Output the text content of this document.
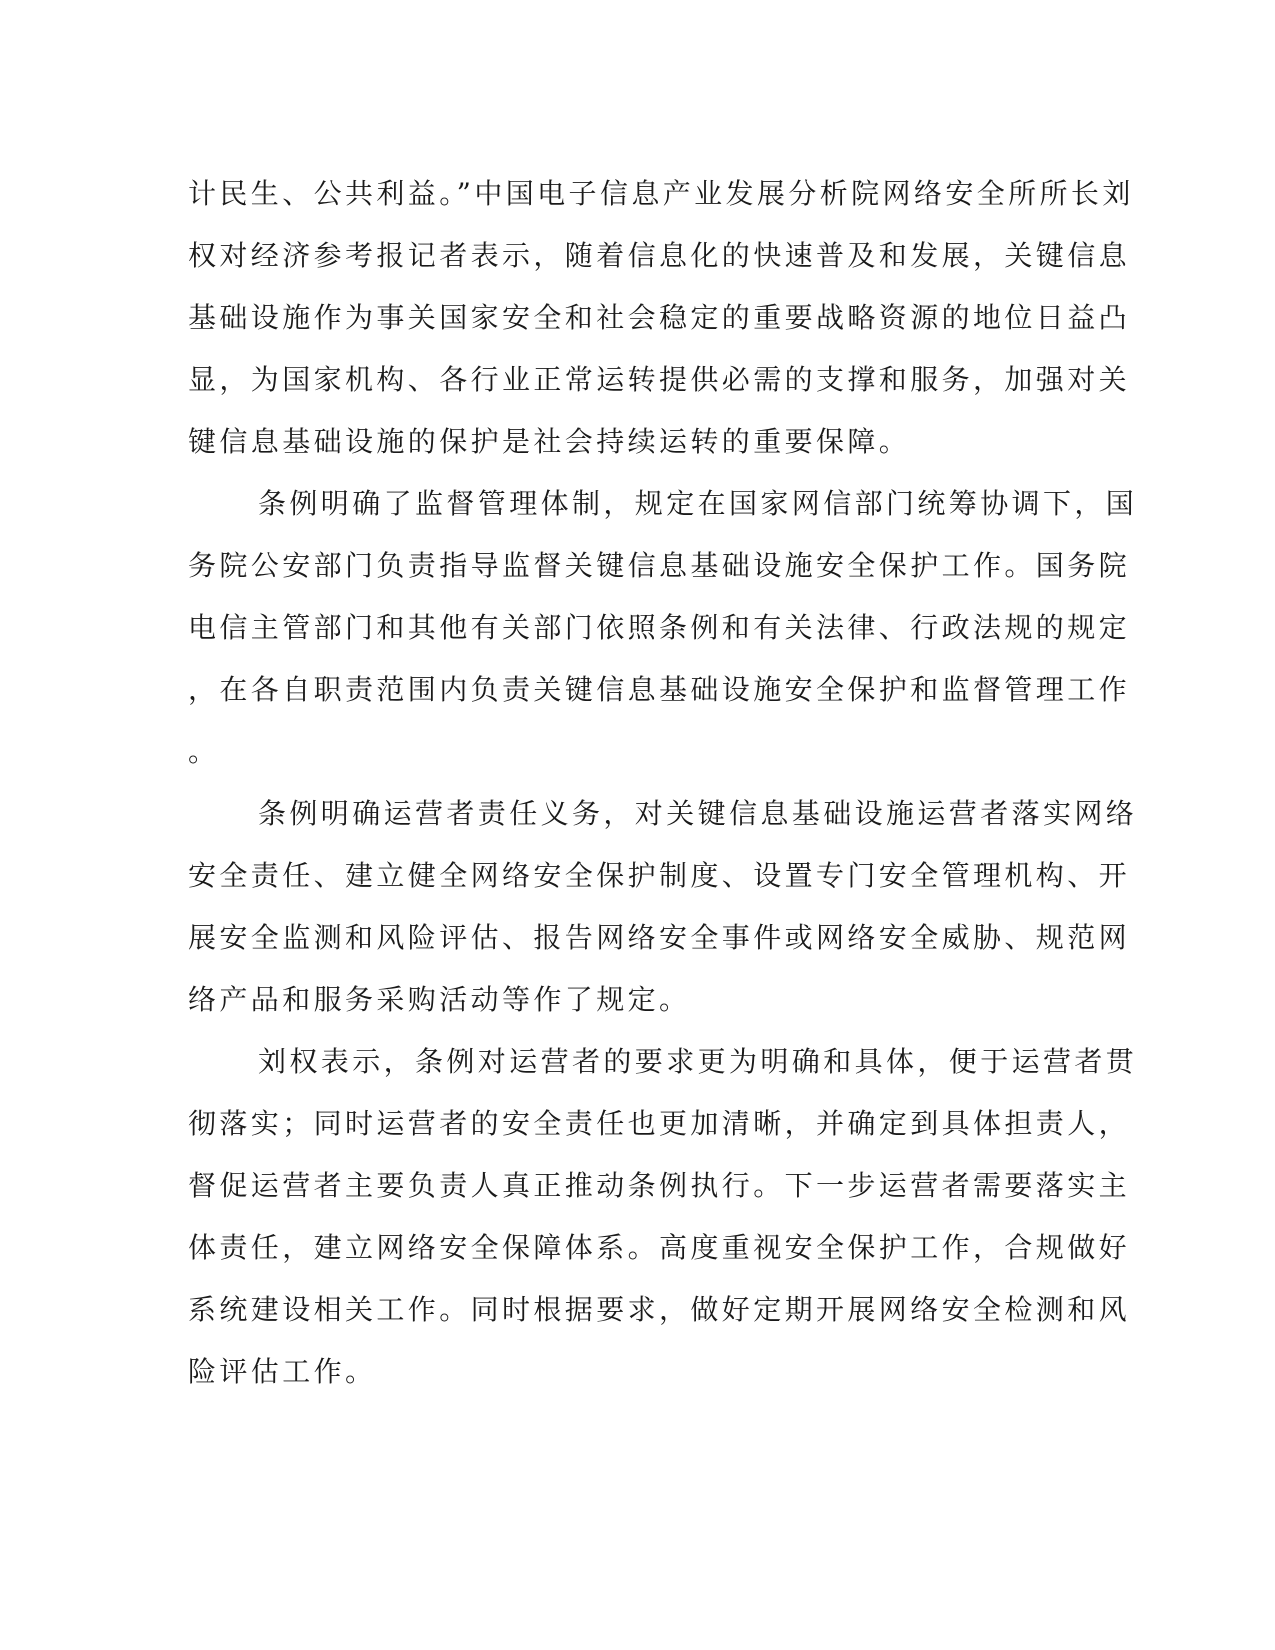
计民生、公共利益。”中国电子信息产业发展分析院网络安全所所长刘
权对经济参考报记者表示，随着信息化的快速普及和发展，关键信息
基础设施作为事关国家安全和社会稳定的重要战略资源的地位日益凸
显，为国家机构、各行业正常运转提供必需的支撑和服务，加强对关
键信息基础设施的保护是社会持续运转的重要保障。
条例明确了监督管理体制，规定在国家网信部门统筹协调下，国
务院公安部门负责指导监督关键信息基础设施安全保护工作。国务院
电信主管部门和其他有关部门依照条例和有关法律、行政法规的规定
，在各自职责范围内负责关键信息基础设施安全保护和监督管理工作
。
条例明确运营者责任义务，对关键信息基础设施运营者落实网络
安全责任、建立健全网络安全保护制度、设置专门安全管理机构、开
展安全监测和风险评估、报告网络安全事件或网络安全威胁、规范网
络产品和服务采购活动等作了规定。
刘权表示，条例对运营者的要求更为明确和具体，便于运营者贯
彻落实；同时运营者的安全责任也更加清晰，并确定到具体担责人，
督促运营者主要负责人真正推动条例执行。下一步运营者需要落实主
体责任，建立网络安全保障体系。高度重视安全保护工作，合规做好
系统建设相关工作。同时根据要求，做好定期开展网络安全检测和风
险评估工作。
